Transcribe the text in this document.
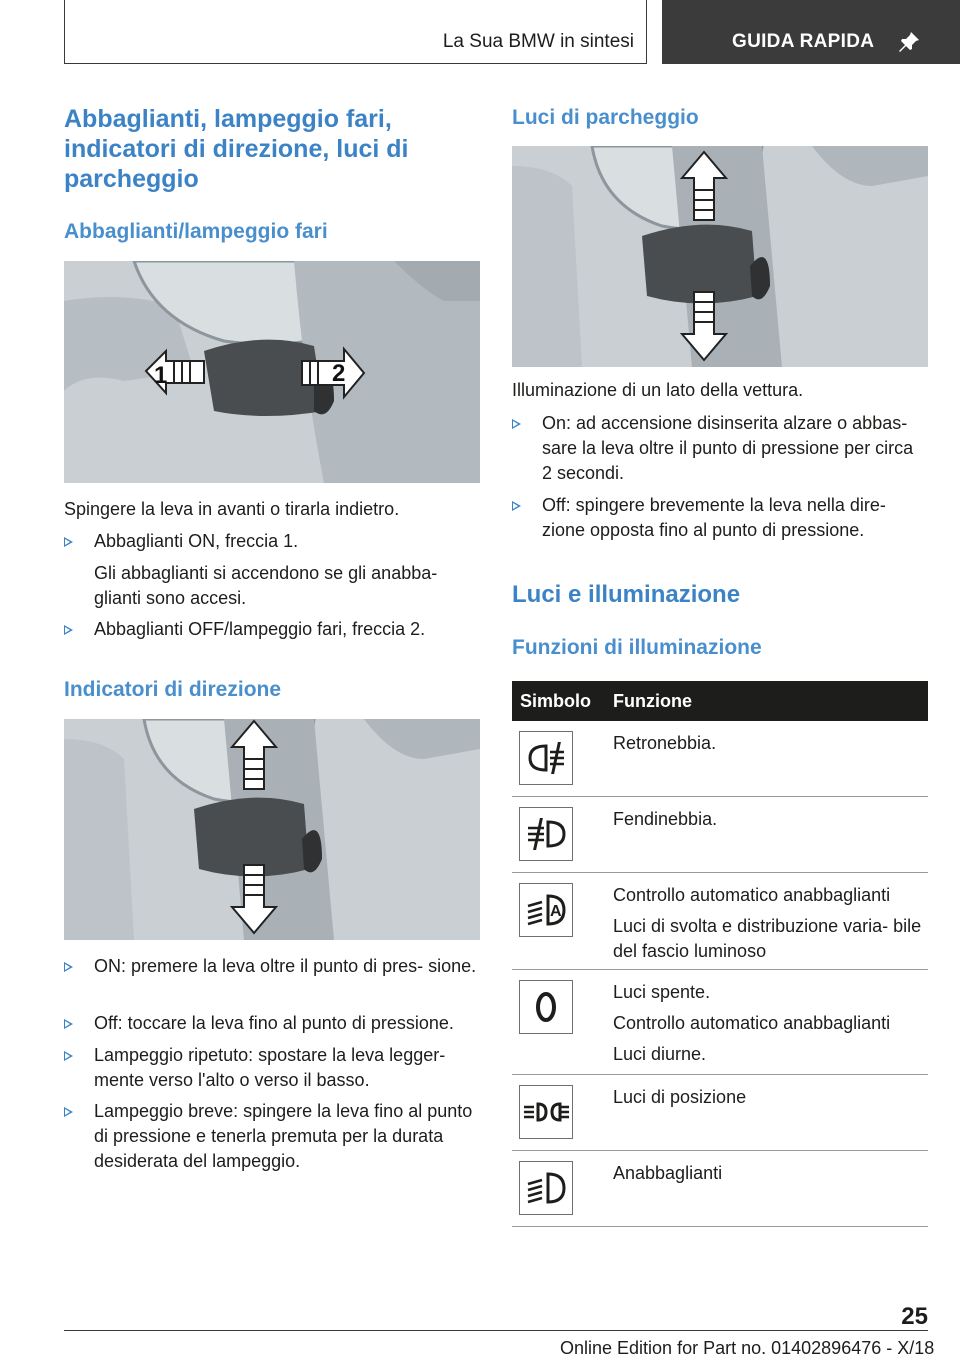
La Sua BMW in sintesi	GUIDA RAPIDA
Abbaglianti, lampeggio fari, indicatori di direzione, luci di parcheggio
Abbaglianti/lampeggio fari
1	2
Spingere la leva in avanti o tirarla indietro.
Abbaglianti ON, freccia 1.
Gli abbaglianti si accendono se gli anabba- glianti sono accesi.
Abbaglianti OFF/lampeggio fari, freccia 2.
Indicatori di direzione
ON: premere la leva oltre il punto di pres- sione.
Off: toccare la leva fino al punto di pressione.
Lampeggio ripetuto: spostare la leva legger- mente verso l'alto o verso il basso.
Lampeggio breve: spingere la leva fino al punto di pressione e tenerla premuta per la durata desiderata del lampeggio.
Luci di parcheggio
Illuminazione di un lato della vettura.
On: ad accensione disinserita alzare o abbas- sare la leva oltre il punto di pressione per circa 2 secondi.
Off: spingere brevemente la leva nella dire- zione opposta fino al punto di pressione.
Luci e illuminazione
Funzioni di illuminazione
Simbolo Funzione

Retronebbia.

Fendinebbia.

A

Controllo automatico anabbaglianti

Luci di svolta e distribuzione varia- bile del fascio luminoso

Luci spente.

Controllo automatico anabbaglianti

Luci diurne.

Luci di posizione

Anabbaglianti

25
Online Edition for Part no. 01402896476 - X/18
